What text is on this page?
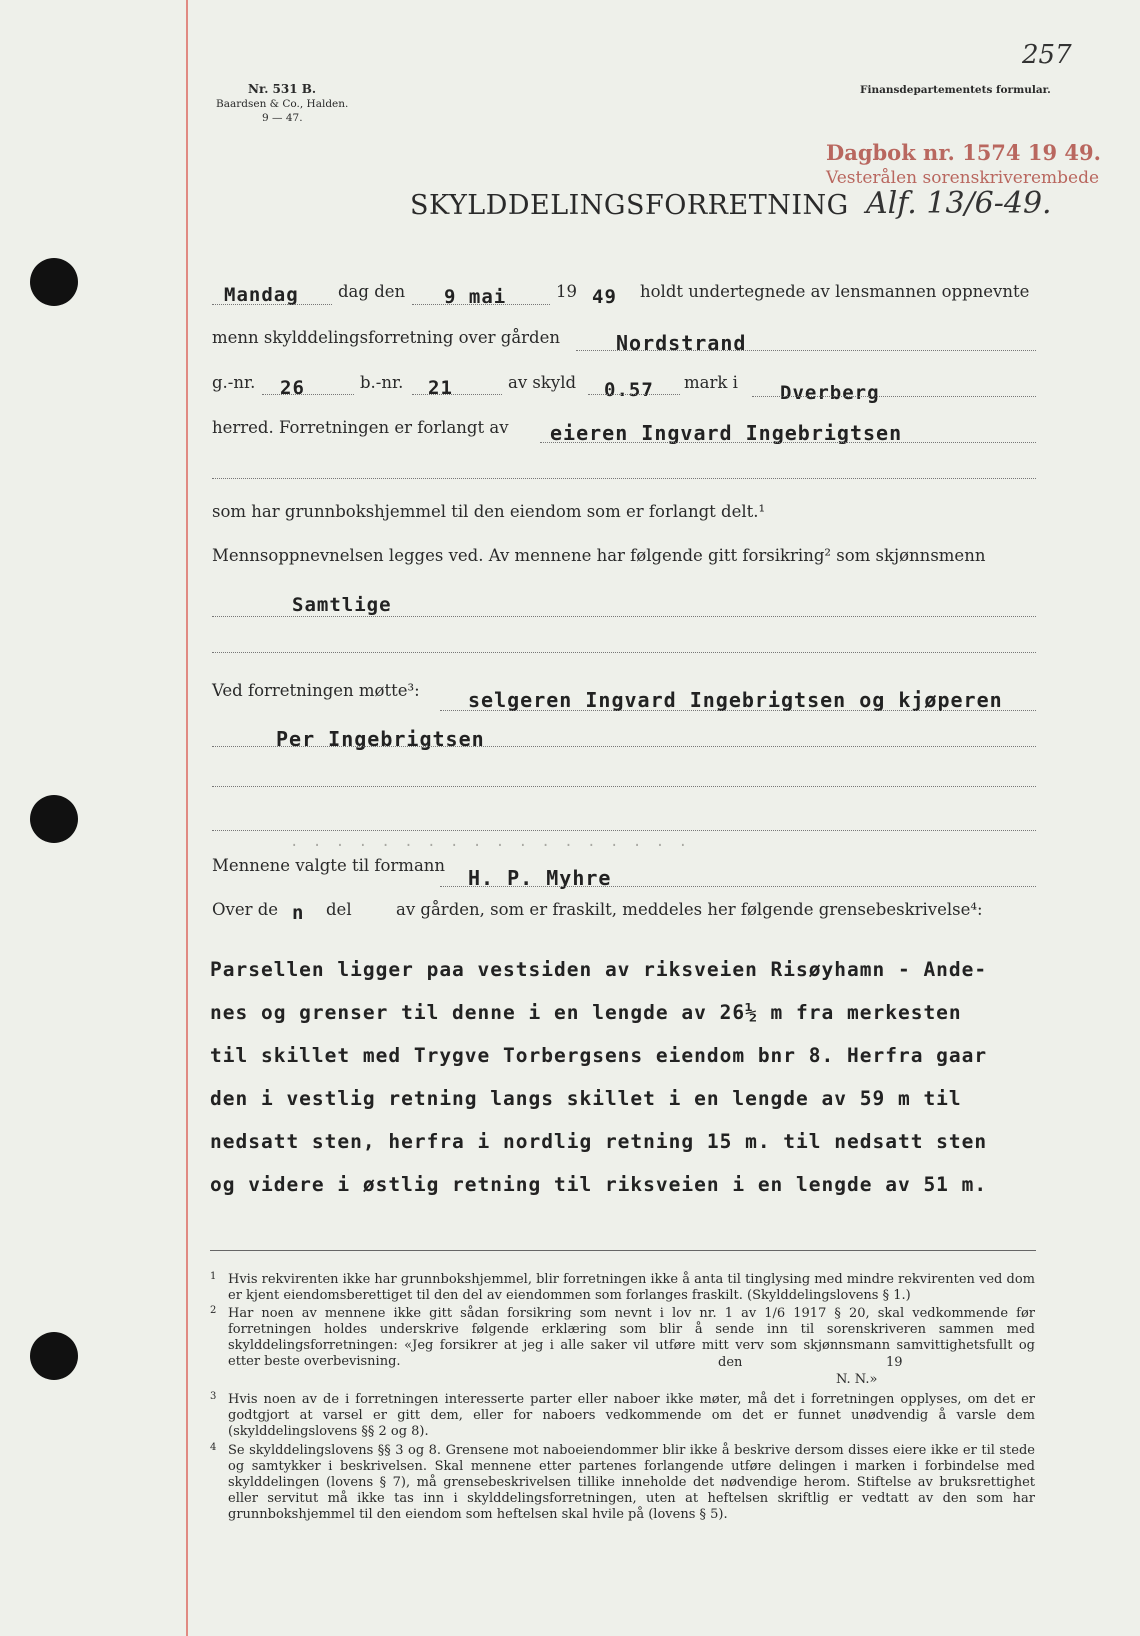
257
Nr. 531 B.
Baardsen & Co., Halden.
9 — 47.
Finansdepartementets formular.
Dagbok nr. 1574 19 49.
Vesterålen sorenskriverembede
SKYLDDELINGSFORRETNING Alf. 13/6-49.
Mandag dag den 9 mai	19 49 holdt undertegnede av lensmannen oppnevnte
menn skylddelingsforretning over gården	Nordstrand
g.-nr. 26	b.-nr. 21	av skyld 0.57 mark i Dverberg
herred. Forretningen er forlangt av eieren Ingvard Ingebrigtsen
som har grunnbokshjemmel til den eiendom som er forlangt delt.¹
Mennsoppnevnelsen legges ved. Av mennene har følgende gitt forsikring² som skjønnsmenn
Samtlige
Ved forretningen møtte³: selgeren Ingvard Ingebrigtsen og kjøperen
Per Ingebrigtsen
. . . . . . . . . . . . . . . . . .
Mennene valgte til formann
H. P. Myhre
Over de n del	av gården, som er fraskilt, meddeles her følgende grensebeskrivelse⁴:
Parsellen ligger paa vestsiden av riksveien Risøyhamn - Ande-
nes og grenser til denne i en lengde av 26½ m fra merkesten
til skillet med Trygve Torbergsens eiendom bnr 8. Herfra gaar
den i vestlig retning langs skillet i en lengde av 59 m til
nedsatt sten, herfra i nordlig retning 15 m. til nedsatt sten
og videre i østlig retning til riksveien i en lengde av 51 m.
1 Hvis rekvirenten ikke har grunnbokshjemmel, blir forretningen ikke å anta til tinglysing med mindre rekvirenten ved dom er kjent eiendomsberettiget til den del av eiendommen som forlanges fraskilt. (Skylddelingslovens § 1.)
2 Har noen av mennene ikke gitt sådan forsikring som nevnt i lov nr. 1 av 1/6 1917 § 20, skal vedkommende før forretningen holdes underskrive følgende erklæring som blir å sende inn til sorenskriveren sammen med skylddelingsforretningen: «Jeg forsikrer at jeg i alle saker vil utføre mitt verv som skjønnsmann samvittighetsfullt og etter beste overbevisning.	den	19
N. N.»
3 Hvis noen av de i forretningen interesserte parter eller naboer ikke møter, må det i forretningen opplyses, om det er godtgjort at varsel er gitt dem, eller for naboers vedkommende om det er funnet unødvendig å varsle dem (skylddelingslovens §§ 2 og 8).
4 Se skylddelingslovens §§ 3 og 8. Grensene mot naboeiendommer blir ikke å beskrive dersom disses eiere ikke er til stede og samtykker i beskrivelsen. Skal mennene etter partenes forlangende utføre delingen i marken i forbindelse med skylddelingen (lovens § 7), må grensebeskrivelsen tillike inneholde det nødvendige herom. Stiftelse av bruksrettighet eller servitut må ikke tas inn i skylddelingsforretningen, uten at heftelsen skriftlig er vedtatt av den som har grunnbokshjemmel til den eiendom som heftelsen skal hvile på (lovens § 5).
